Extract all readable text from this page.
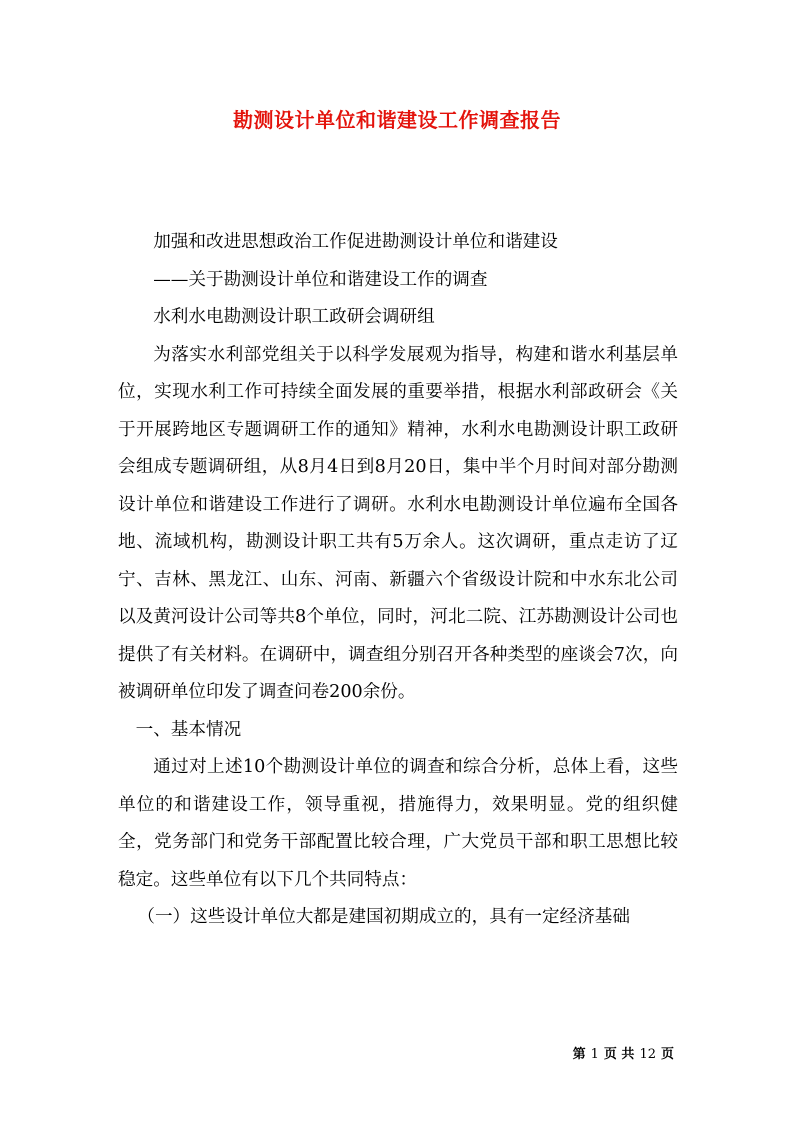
勘测设计单位和谐建设工作调查报告

加强和改进思想政治工作促进勘测设计单位和谐建设

——关于勘测设计单位和谐建设工作的调查

水利水电勘测设计职工政研会调研组

为落实水利部党组关于以科学发展观为指导，构建和谐水利基层单位，实现水利工作可持续全面发展的重要举措，根据水利部政研会《关于开展跨地区专题调研工作的通知》精神，水利水电勘测设计职工政研会组成专题调研组，从8月4日到8月20日，集中半个月时间对部分勘测设计单位和谐建设工作进行了调研。水利水电勘测设计单位遍布全国各地、流域机构，勘测设计职工共有5万余人。这次调研，重点走访了辽宁、吉林、黑龙江、山东、河南、新疆六个省级设计院和中水东北公司以及黄河设计公司等共8个单位，同时，河北二院、江苏勘测设计公司也提供了有关材料。在调研中，调查组分别召开各种类型的座谈会7次，向被调研单位印发了调查问卷200余份。

一、基本情况

通过对上述10个勘测设计单位的调查和综合分析，总体上看，这些单位的和谐建设工作，领导重视，措施得力，效果明显。党的组织健全，党务部门和党务干部配置比较合理，广大党员干部和职工思想比较稳定。这些单位有以下几个共同特点：

（一）这些设计单位大都是建国初期成立的，具有一定经济基础

第 1 页 共 12 页
